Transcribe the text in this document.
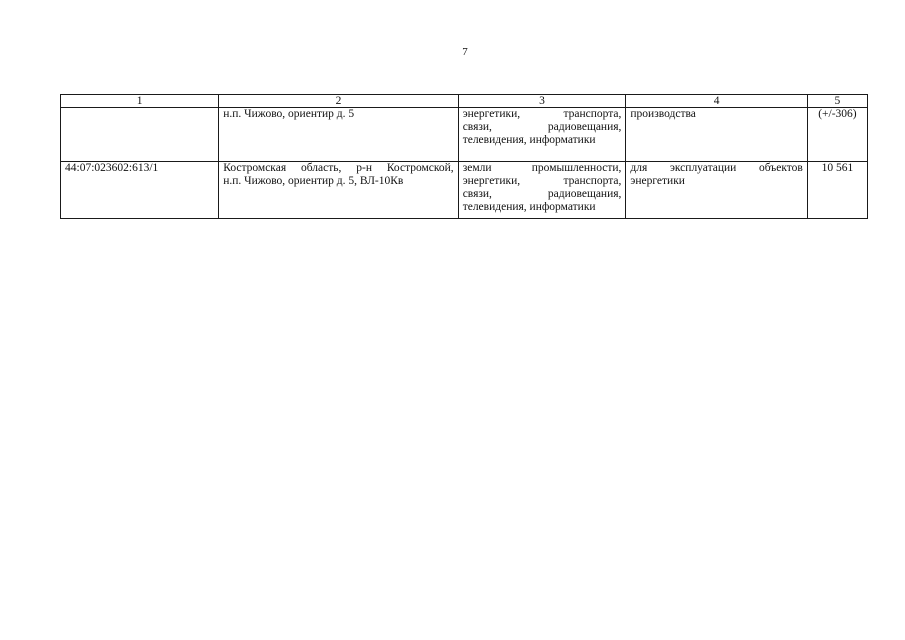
7
1	2	3	4	5

	н.п. Чижово, ориентир д. 5	энергетики, транспорта,
связи, радиовещания,
телевидения, информатики	производства	(+/-306)
44:07:023602:613/1	Костромская область, р-н Костромской,
н.п. Чижово, ориентир д. 5, ВЛ-10Кв	земли промышленности,
энергетики, транспорта,
связи, радиовещания,
телевидения, информатики	для эксплуатации объектов
энергетики	10 561
